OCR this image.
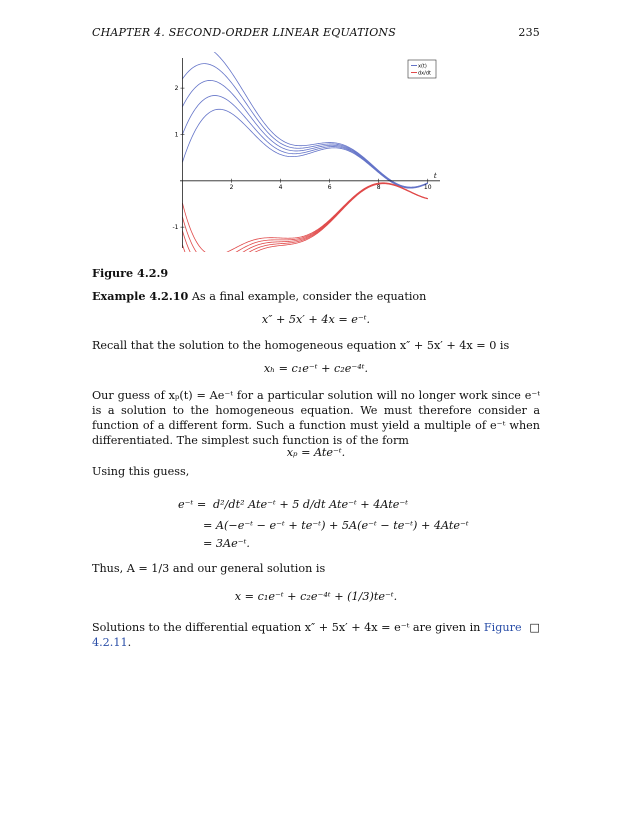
CHAPTER 4. SECOND-ORDER LINEAR EQUATIONS	235
2	4	6	8	10
-1
1
2
t
x(t)
dx/dt
Figure 4.2.9
Example 4.2.10 As a final example, consider the equation
x″ + 5x′ + 4x = e⁻ᵗ.
Recall that the solution to the homogeneous equation x″ + 5x′ + 4x = 0 is
xₕ = c₁e⁻ᵗ + c₂e⁻⁴ᵗ.
Our guess of xₚ(t) = Ae⁻ᵗ for a particular solution will no longer work since e⁻ᵗ is a solution to the homogeneous equation. We must therefore consider a function of a different form. Such a function must yield a multiple of e⁻ᵗ when differentiated. The simplest such function is of the form
xₚ = Ate⁻ᵗ.
Using this guess,
e⁻ᵗ = d²/dt² Ate⁻ᵗ + 5 d/dt Ate⁻ᵗ + 4Ate⁻ᵗ
= A(−e⁻ᵗ − e⁻ᵗ + te⁻ᵗ) + 5A(e⁻ᵗ − te⁻ᵗ) + 4Ate⁻ᵗ
= 3Ae⁻ᵗ.
Thus, A = 1/3 and our general solution is
x = c₁e⁻ᵗ + c₂e⁻⁴ᵗ + (1/3)te⁻ᵗ.
Solutions to the differential equation x″ + 5x′ + 4x = e⁻ᵗ are given in Figure 4.2.11.
□
